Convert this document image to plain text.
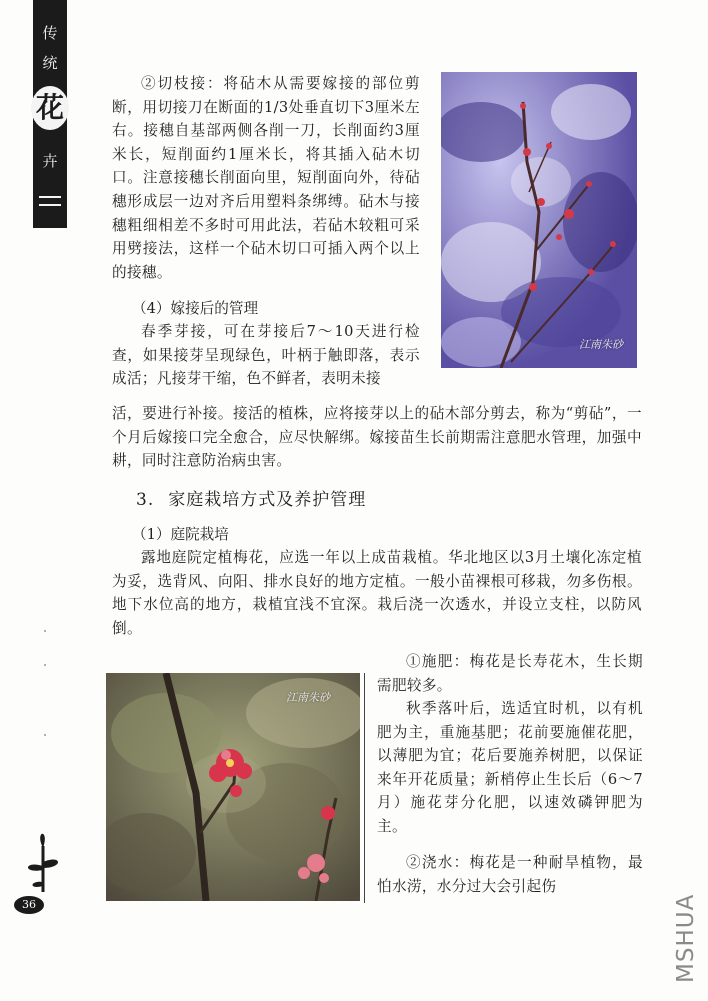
传
统
花
卉
江南朱砂

②切枝接：将砧木从需要嫁接的部位剪断，用切接刀在断面的1/3处垂直切下3厘米左右。接穗自基部两侧各削一刀，长削面约3厘米长，短削面约1厘米长，将其插入砧木切口。注意接穗长削面向里，短削面向外，待砧穗形成层一边对齐后用塑料条绑缚。砧木与接穗粗细相差不多时可用此法，若砧木较粗可采用劈接法，这样一个砧木切口可插入两个以上的接穗。

（4）嫁接后的管理

春季芽接，可在芽接后7～10天进行检查，如果接芽呈现绿色，叶柄于触即落，表示成活；凡接芽干缩，色不鲜者，表明未接

活，要进行补接。接活的植株，应将接芽以上的砧木部分剪去，称为“剪砧”，一个月后嫁接口完全愈合，应尽快解绑。嫁接苗生长前期需注意肥水管理，加强中耕，同时注意防治病虫害。

3. 家庭栽培方式及养护管理

（1）庭院栽培

露地庭院定植梅花，应选一年以上成苗栽植。华北地区以3月土壤化冻定植为妥，选背风、向阳、排水良好的地方定植。一般小苗裸根可移栽，勿多伤根。地下水位高的地方，栽植宜浅不宜深。栽后浇一次透水，并设立支柱，以防风倒。

江南朱砂

①施肥：梅花是长寿花木，生长期需肥较多。

秋季落叶后，选适宜时机，以有机肥为主，重施基肥；花前要施催花肥，以薄肥为宜；花后要施养树肥，以保证来年开花质量；新梢停止生长后（6～7月）施花芽分化肥，以速效磷钾肥为主。

②浇水：梅花是一种耐旱植物，最怕水涝，水分过大会引起伤

36	MSHUA
